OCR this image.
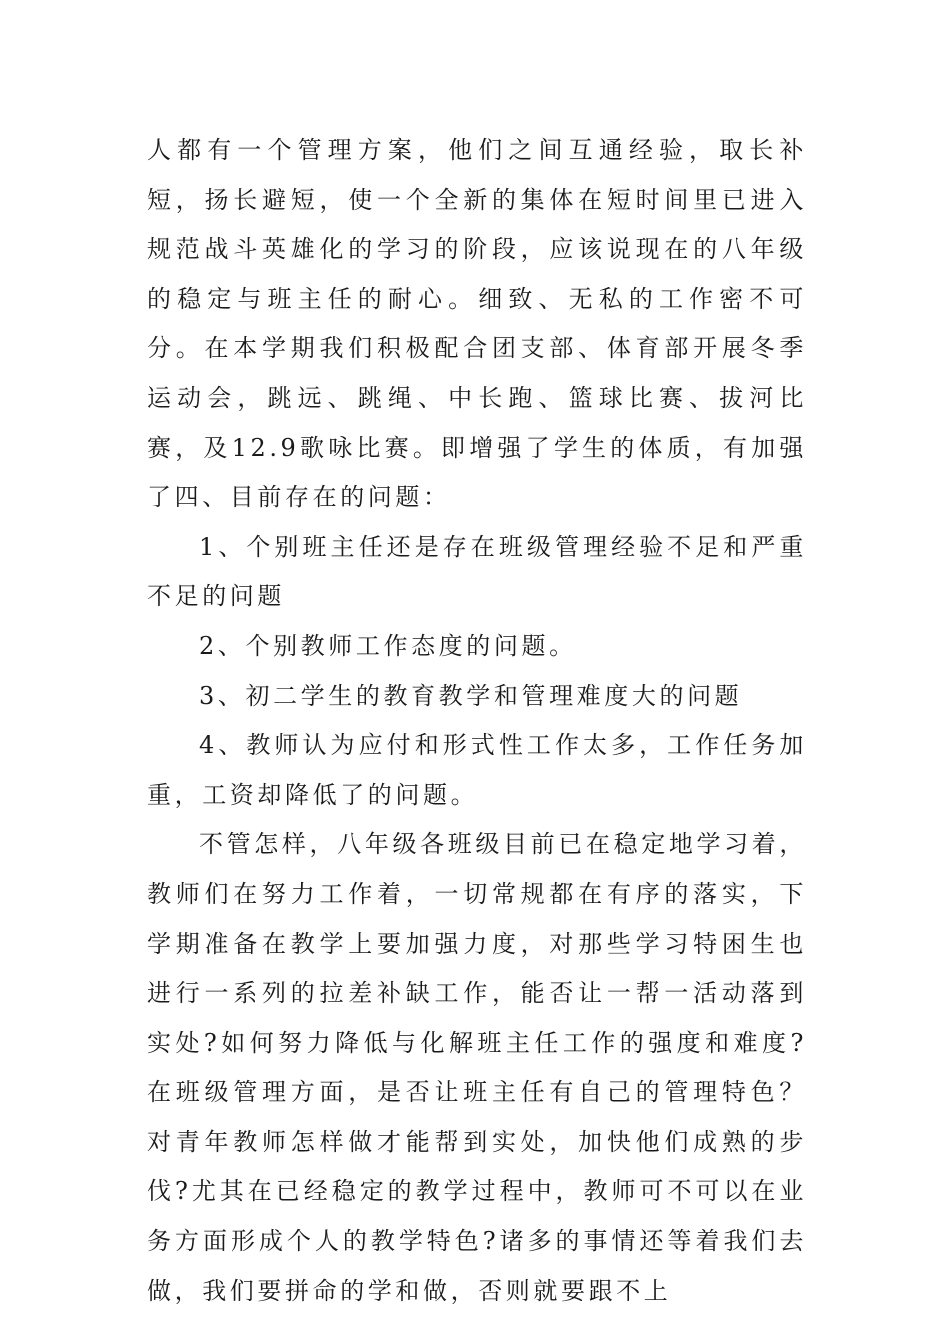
人都有一个管理方案，他们之间互通经验，取长补短，扬长避短，使一个全新的集体在短时间里已进入规范战斗英雄化的学习的阶段，应该说现在的八年级的稳定与班主任的耐心。细致、无私的工作密不可分。在本学期我们积极配合团支部、体育部开展冬季运动会，跳远、跳绳、中长跑、篮球比赛、拔河比赛，及12.9歌咏比赛。即增强了学生的体质，有加强了四、目前存在的问题：

1、个别班主任还是存在班级管理经验不足和严重不足的问题

2、个别教师工作态度的问题。

3、初二学生的教育教学和管理难度大的问题

4、教师认为应付和形式性工作太多，工作任务加重，工资却降低了的问题。

不管怎样，八年级各班级目前已在稳定地学习着，教师们在努力工作着，一切常规都在有序的落实，下学期准备在教学上要加强力度，对那些学习特困生也进行一系列的拉差补缺工作，能否让一帮一活动落到实处?如何努力降低与化解班主任工作的强度和难度?在班级管理方面，是否让班主任有自己的管理特色？对青年教师怎样做才能帮到实处，加快他们成熟的步伐?尤其在已经稳定的教学过程中，教师可不可以在业务方面形成个人的教学特色?诸多的事情还等着我们去做，我们要拼命的学和做，否则就要跟不上
